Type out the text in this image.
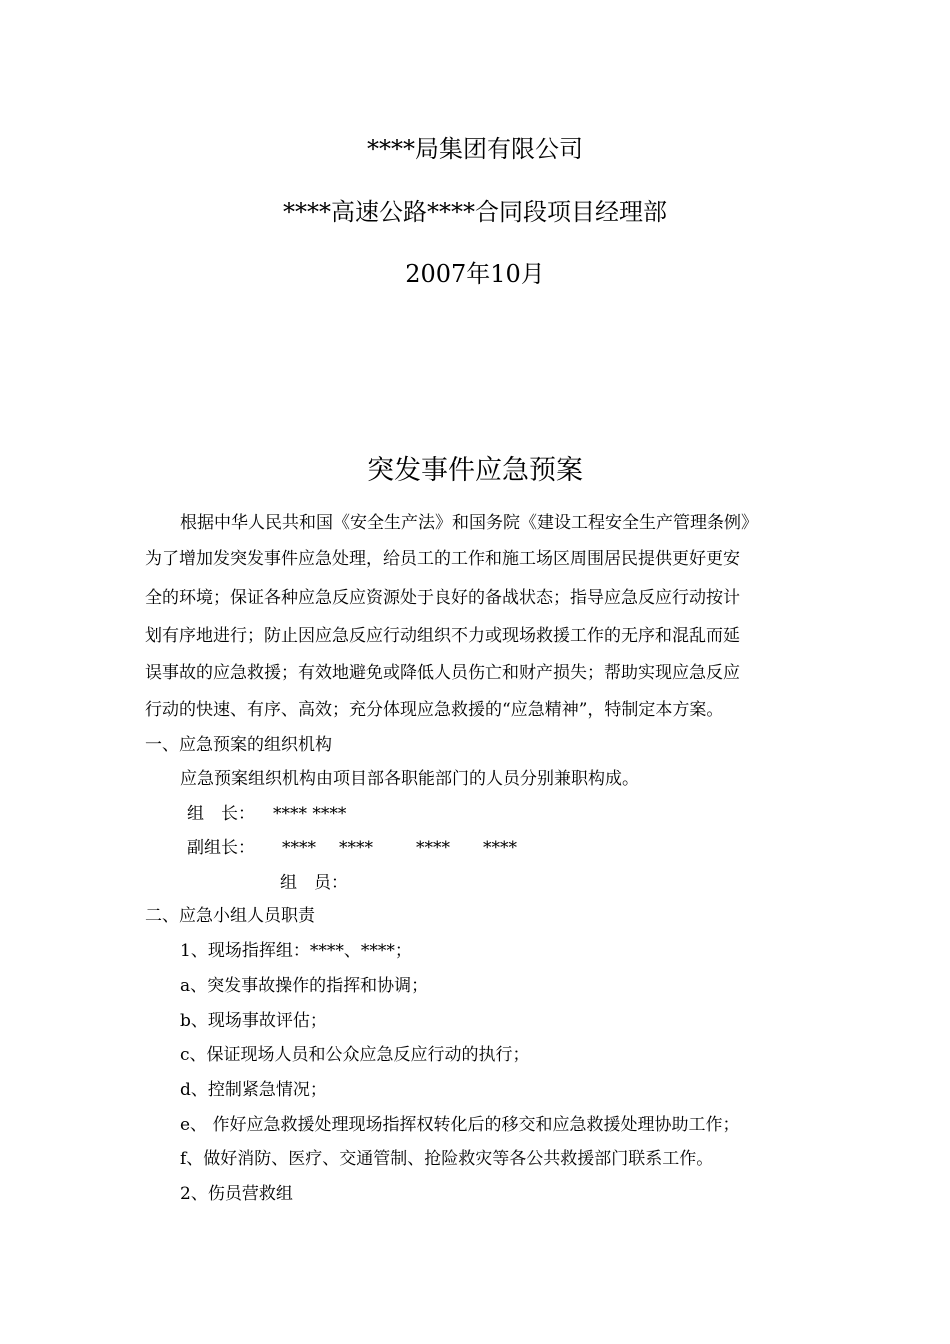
****局集团有限公司
****高速公路****合同段项目经理部
2007年10月
突发事件应急预案
根据中华人民共和国《安全生产法》和国务院《建设工程安全生产管理条例》
为了增加发突发事件应急处理，给员工的工作和施工场区周围居民提供更好更安
全的环境；保证各种应急反应资源处于良好的备战状态；指导应急反应行动按计
划有序地进行；防止因应急反应行动组织不力或现场救援工作的无序和混乱而延
误事故的应急救援；有效地避免或降低人员伤亡和财产损失；帮助实现应急反应
行动的快速、有序、高效；充分体现应急救援的“应急精神”，特制定本方案。
一、应急预案的组织机构
应急预案组织机构由项目部各职能部门的人员分别兼职构成。
组　长： **** ****
副组长： **** ****	**** ****
组　员：
二、应急小组人员职责
1、现场指挥组：****、****；
a、突发事故操作的指挥和协调；
b、现场事故评估；
c、保证现场人员和公众应急反应行动的执行；
d、控制紧急情况；
e、 作好应急救援处理现场指挥权转化后的移交和应急救援处理协助工作；
f、做好消防、医疗、交通管制、抢险救灾等各公共救援部门联系工作。
2、伤员营救组
